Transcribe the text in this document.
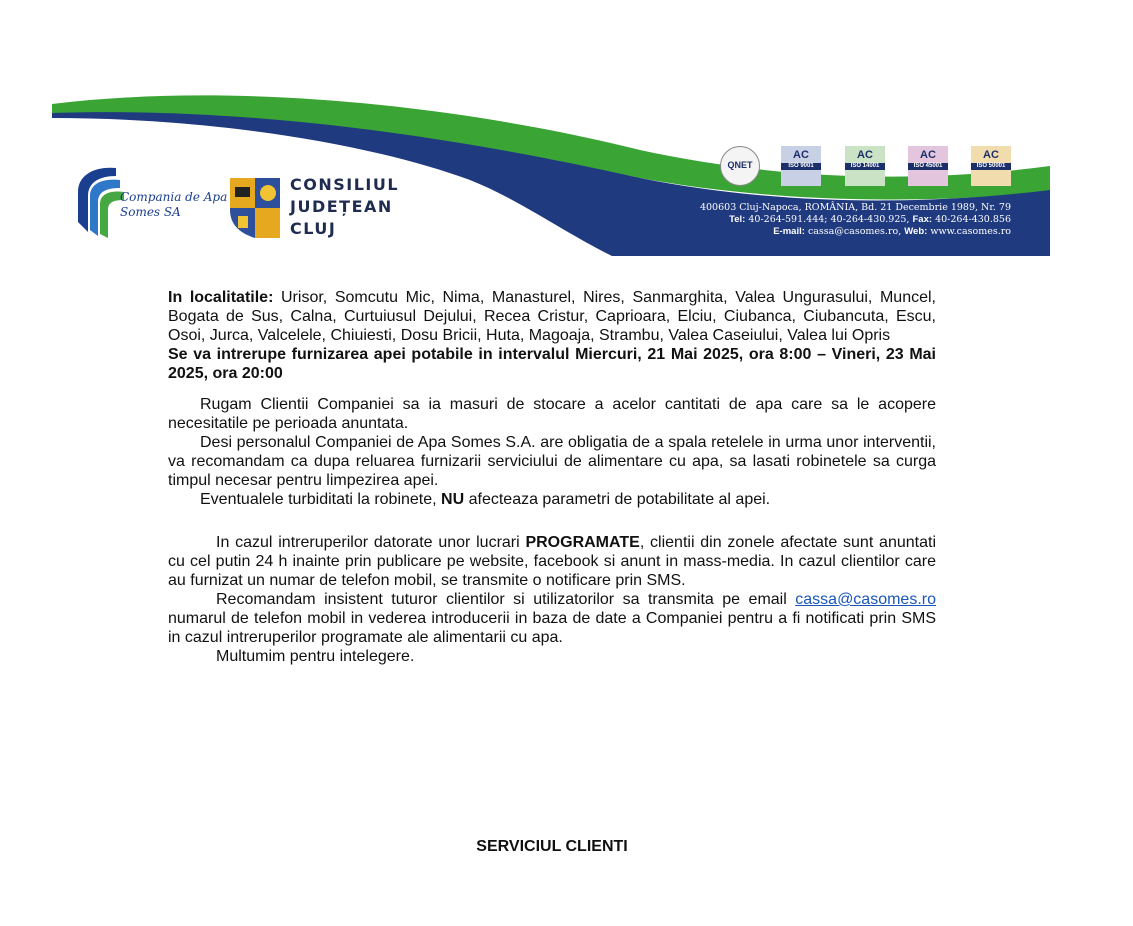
Compania de Apa
Somes SA
CONSILIUL
JUDEȚEAN
CLUJ
QNET
AC
ISO 9001
AC
ISO 14001
AC
ISO 45001
AC
ISO 50001
400603 Cluj-Napoca, ROMÂNIA, Bd. 21 Decembrie 1989, Nr. 79
Tel: 40-264-591.444; 40-264-430.925, Fax: 40-264-430.856
E-mail: cassa@casomes.ro, Web: www.casomes.ro

In localitatile: Urisor, Somcutu Mic, Nima, Manasturel, Nires, Sanmarghita, Valea Ungurasului, Muncel, Bogata de Sus, Calna, Curtuiusul Dejului, Recea Cristur, Caprioara, Elciu, Ciubanca, Ciubancuta, Escu, Osoi, Jurca, Valcelele, Chiuiesti, Dosu Bricii, Huta, Magoaja, Strambu, Valea Caseiului, Valea lui Opris

Se va intrerupe furnizarea apei potabile in intervalul Miercuri, 21 Mai 2025, ora 8:00 – Vineri, 23 Mai 2025, ora 20:00

Rugam Clientii Companiei sa ia masuri de stocare a acelor cantitati de apa care sa le acopere necesitatile pe perioada anuntata.

Desi personalul Companiei de Apa Somes S.A. are obligatia de a spala retelele in urma unor interventii, va recomandam ca dupa reluarea furnizarii serviciului de alimentare cu apa, sa lasati robinetele sa curga timpul necesar pentru limpezirea apei.

Eventualele turbiditati la robinete, NU afecteaza parametri de potabilitate al apei.

In cazul intreruperilor datorate unor lucrari PROGRAMATE, clientii din zonele afectate sunt anuntati cu cel putin 24 h inainte prin publicare pe website, facebook si anunt in mass-media. In cazul clientilor care au furnizat un numar de telefon mobil, se transmite o notificare prin SMS.

Recomandam insistent tuturor clientilor si utilizatorilor sa transmita pe email cassa@casomes.ro numarul de telefon mobil in vederea introducerii in baza de date a Companiei pentru a fi notificati prin SMS in cazul intreruperilor programate ale alimentarii cu apa.

Multumim pentru intelegere.

SERVICIUL CLIENTI
